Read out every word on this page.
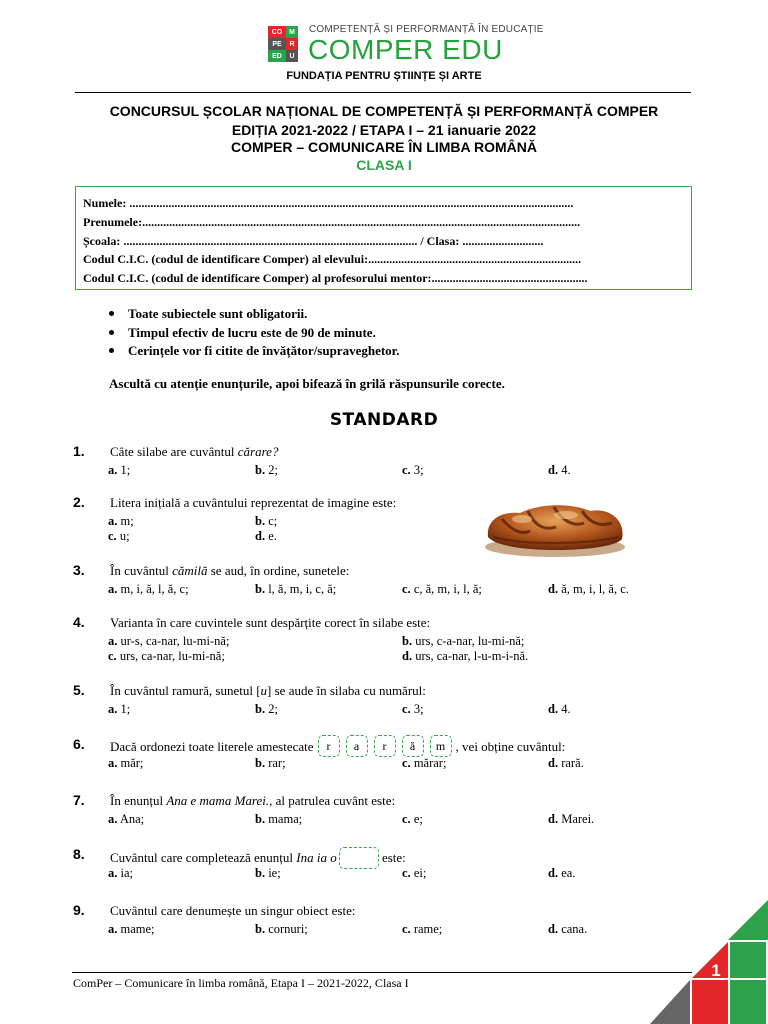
CO M
PE	R
ED	U
COMPETENȚĂ ȘI PERFORMANȚĂ ÎN EDUCAȚIE
COMPER EDU
FUNDAȚIA PENTRU ȘTIINȚE ȘI ARTE
CONCURSUL ȘCOLAR NAȚIONAL DE COMPETENȚĂ ȘI PERFORMANȚĂ COMPER
EDIȚIA 2021-2022 / ETAPA I – 21 ianuarie 2022
COMPER – COMUNICARE ÎN LIMBA ROMÂNĂ
CLASA I
Numele: ....................................................................................................................................................
Prenumele:..................................................................................................................................................
Școala: .................................................................................................. / Clasa: ...........................
Codul C.I.C. (codul de identificare Comper) al elevului:.......................................................................
Codul C.I.C. (codul de identificare Comper) al profesorului mentor:....................................................
Toate subiectele sunt obligatorii.
Timpul efectiv de lucru este de 90 de minute.
Cerințele vor fi citite de învățător/supraveghetor.
Ascultă cu atenție enunțurile, apoi bifează în grilă răspunsurile corecte.
STANDARD
1. Câte silabe are cuvântul cărare?
a. 1;	b. 2;	c. 3;	d. 4.
2. Litera inițială a cuvântului reprezentat de imagine este:
a. m;	b. c;
c. u;	d. e.
3. În cuvântul cămilă se aud, în ordine, sunetele:
a. m, i, ă, l, ă, c;	b. l, ă, m, i, c, ă;	c. c, ă, m, i, l, ă;	d. ă, m, i, l, ă, c.
4. Varianta în care cuvintele sunt despărțite corect în silabe este:
a. ur-s, ca-nar, lu-mi-nă;	b. urs, c-a-nar, lu-mi-nă;
c. urs, ca-nar, lu-mi-nă;	d. urs, ca-nar, l-u-m-i-nă.
5. În cuvântul ramură, sunetul [u] se aude în silaba cu numărul:
a. 1;	b. 2;	c. 3;	d. 4.
6. Dacă ordonezi toate literele amestecate	r	a	r	ă	m , vei obține cuvântul:
a. măr;	b. rar;	c. mărar;	d. rară.
7. În enunțul Ana e mama Marei., al patrulea cuvânt este:
a. Ana;	b. mama;	c. e;	d. Marei.
8. Cuvântul care completează enunțul Ina ia o	este:
a. ia;	b. ie;	c. ei;	d. ea.
9. Cuvântul care denumește un singur obiect este:
a. mame;	b. cornuri;	c. rame;	d. cana.
ComPer – Comunicare în limba română, Etapa I – 2021-2022, Clasa I
1
